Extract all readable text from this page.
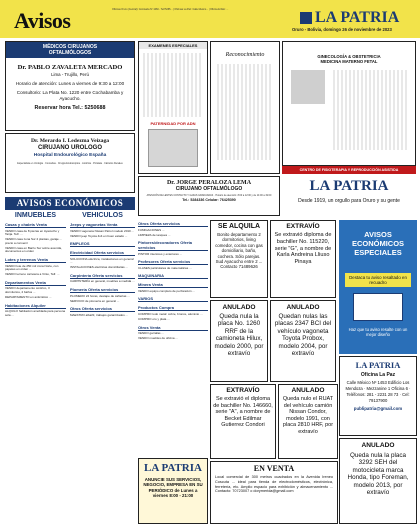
Avisos	Oficinas Oruro (Central): Comisaria Nº 1060 - Telf 5265... | Oficinas La Paz: Calle Mexico... | Oficina El Alto: ...	LA PATRIA
Oruro - Bolivia, domingo 26 de noviembre de 2023
MÉDICOS CIRUJANOS OFTALMÓLOGOS
Dr. PABLO ZAVALETA MERCADO
Lima - Trujillo, Perú
Horario de atención: Lunes a viernes de 9:30 a 12:00
Consultorio: La Plata No. 1220 entre Cochabamba y Ayacucho.
Reservar hora Tel.: 5250688
Dr. Merardo I. Ledezma Veizaga
CIRUJANO UROLOGO
Hospital Endourológico España
Especialista en Urología · Consultas · Cirugía Endoscópica · Litotricia · Próstata · Cálculos Renales
EXAMENES ESPECIALES
PATERNIDAD POR ADN
Reconocimiento	GINECOLOGÍA & OBSTETRICIA MEDICINA MATERNO FETAL
CENTRO DE FISIOTERAPIA Y REPRODUCCIÓN ASISTIDA
Dr. JORGE PERALOZA LEMA
CIRUJANO OFTALMÓLOGO
ATENCIÓN DE LENTES CONTACTO Y GAFAS GRADUADAS · Horario de atención: 8:00 a 12:00 y de 14:00 a 19:00
Tel.: 5284336 Celular: 76425390
LA PATRIA
Desde 1919, un orgullo para Oruro y su gente
AVISOS ECONÓMICOS
INMUEBLES
Casas y chalets Venta
VENDO casa de 8 piezas en Ayacucho y Tarija. Telf. ...
VENDO casa zona Sur 2 plantas, garaje ... precio a convenir
VENDO casa en Barrio Sur sobre avenida, documentos en orden
Lotes y terrenos Venta
VENDO lote de 250 m2 zona Norte, con papeles en orden ...
VENDO terreno carretera a Vinto, Telf. ...
Departamentos Venta
VENDO departamento céntrico, 3 dormitorios, 2 baños ...
DEPARTAMENTO en anticrético ...
Habitaciones Alquiler
ALQUILO habitación amoblada para persona sola ...
VEHÍCULOS
Jeeps y vagonetas Venta
VENDO vagoneta Nissan Patrol modelo 2010 ...
VENDO jeep Toyota 4x4 en buen estado ...
EMPLEOS
Electricidad Oferta servicios
SOLUCIONA eléctrica, instalaciones en general ...
INSTALACIONES eléctricas domiciliarias ...
Carpintería Oferta servicios
CARPINTERÍA en general, muebles a medida ...
Plomería Oferta servicios
PLOMERO 24 horas, destape de cañerías ...
SERVICIO de plomería en general ...
Otros Oferta servicios
MAESTRO albañil, trabajos garantizados ...
Otros Oferta servicios
FUMIGACIONES ...
LIMPIEZA de tanques ...
Pintores/decoradores Oferta servicios
PINTOR interiores y exteriores ...
Profesores Oferta servicios
CLASES particulares de matemáticas ...
MAQUINARIA
Minera Venta
VENDO equipo completo de perforación ...
VARIOS
Productos Compra
COMPRO todo metal: cobre, bronce, aluminio ...
COMPRO oro y plata ...
Otros Venta
VENDO garrafas ...
VENDO muebles de oficina ...
LA PATRIA
ANUNCIE SUS SERVICIOS, NEGOCIO, EMPRESA EN SU PERIÓDICO de Lunes a viernes 8:00 - 21:00
SE ALQUILA
Bonito departamento 2 dormitorios, living comedor, cocina con gas domiciliario, baño, cochera. Sólo parejas. Sud Ayacucho entre 2 ... Contacto 71489626
EXTRAVÍO
Se extravió diploma de bachiller No. 115220, serie "G", a nombre de Karla Andreina Lliuso Pinaya
ANULADO
Queda nula la placa No. 1260 RRF de la camioneta Hilux, modelo 2000, por extravío
ANULADO
Quedan nulas las placas 2347 BCI del vehículo vagoneta Toyota Probox, modelo 2004, por extravío
EXTRAVÍO
Se extravió el diploma de bachiller No. 146660, serie "A", a nombre de Becket Edilmar Gutierrez Condori
ANULADO
Queda nulo el RUAT del vehículo camión Nissan Condor, modelo 1991, con placa 2810 HRF, por extravío
EN VENTA
Local comercial de 300 metros cuadrados en la Avenida Ireneo Coscuta ... ideal para tienda de electrodomésticos, electrónica, ferretería, etc. Amplio espacio para exhibición y almacenamiento ... Contacto: 70723007 o dorymerida@gmail.com
AVISOS ECONÓMICOS ESPECIALES
Destaca tu aviso resaltado en recuadro
Haz que tu aviso resalte con un mejor diseño
LA PATRIA
Oficina La Paz
Calle México Nº 1453 Edificio Los Mendoza · Mezzanine 1 Oficina 6 · Teléfonos: 281 - 2231 28 73 · Cel: 79137900
publipatria@gmail.com
ANULADO
Queda nula la placa 3292 SEH del motocicleta marca Honda, tipo Foreman, modelo 2013, por extravío
